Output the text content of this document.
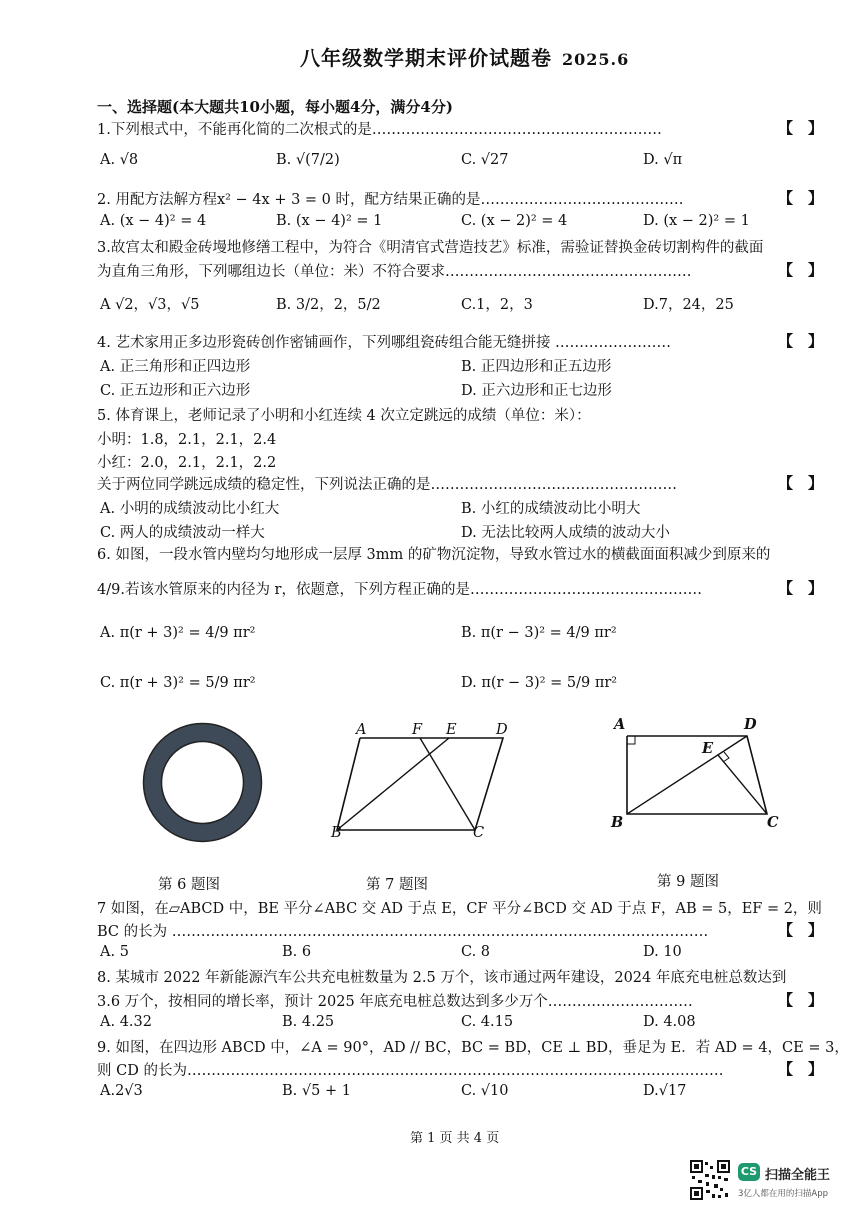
八年级数学期末评价试题卷 2025.6
一、选择题(本大题共10小题，每小题4分，满分4分)
1.下列根式中，不能再化简的二次根式的是……………………………………………………	【　】
A. √8	B. √(7/2)	C. √27	D. √π
2. 用配方法解方程x² − 4x + 3 = 0 时，配方结果正确的是……………………………………	【　】
A. (x − 4)² = 4	B. (x − 4)² = 1	C. (x − 2)² = 4	D. (x − 2)² = 1
3.故宫太和殿金砖墁地修缮工程中，为符合《明清官式营造技艺》标准，需验证替换金砖切割构件的截面
为直角三角形，下列哪组边长（单位：米）不符合要求……………………………………………	【　】
A √2，√3，√5	B. 3/2，2，5/2	C.1，2，3	D.7，24，25
4. 艺术家用正多边形瓷砖创作密铺画作，下列哪组瓷砖组合能无缝拼接 ……………………	【　】
A. 正三角形和正四边形	B. 正四边形和正五边形
C. 正五边形和正六边形	D. 正六边形和正七边形
5. 体育课上，老师记录了小明和小红连续 4 次立定跳远的成绩（单位：米）：
小明：1.8，2.1，2.1，2.4
小红：2.0，2.1，2.1，2.2
关于两位同学跳远成绩的稳定性，下列说法正确的是……………………………………………	【　】
A. 小明的成绩波动比小红大	B. 小红的成绩波动比小明大
C. 两人的成绩波动一样大	D. 无法比较两人成绩的波动大小
6. 如图，一段水管内壁均匀地形成一层厚 3mm 的矿物沉淀物，导致水管过水的横截面面积减少到原来的
4/9.若该水管原来的内径为 r，依题意，下列方程正确的是…………………………………………	【　】
A. π(r + 3)² = 4/9 πr²	B. π(r − 3)² = 4/9 πr²
C. π(r + 3)² = 5/9 πr²	D. π(r − 3)² = 5/9 πr²
A	F E	D
B	C
A	D
E
B	C
第 6 题图	第 7 题图	第 9 题图
7 如图，在▱ABCD 中，BE 平分∠ABC 交 AD 于点 E，CF 平分∠BCD 交 AD 于点 F，AB = 5，EF = 2，则
BC 的长为 …………………………………………………………………………………………………	【　】
A. 5	B. 6	C. 8	D. 10
8. 某城市 2022 年新能源汽车公共充电桩数量为 2.5 万个，该市通过两年建设，2024 年底充电桩总数达到
3.6 万个，按相同的增长率，预计 2025 年底充电桩总数达到多少万个…………………………	【　】
A. 4.32	B. 4.25	C. 4.15	D. 4.08
9. 如图，在四边形 ABCD 中，∠A = 90°，AD // BC，BC = BD，CE ⊥ BD，垂足为 E．若 AD = 4，CE = 3，
则 CD 的长为…………………………………………………………………………………………………	【　】
A.2√3	B. √5 + 1	C. √10	D.√17
第 1 页 共 4 页
CS 扫描全能王
3亿人都在用的扫描App
